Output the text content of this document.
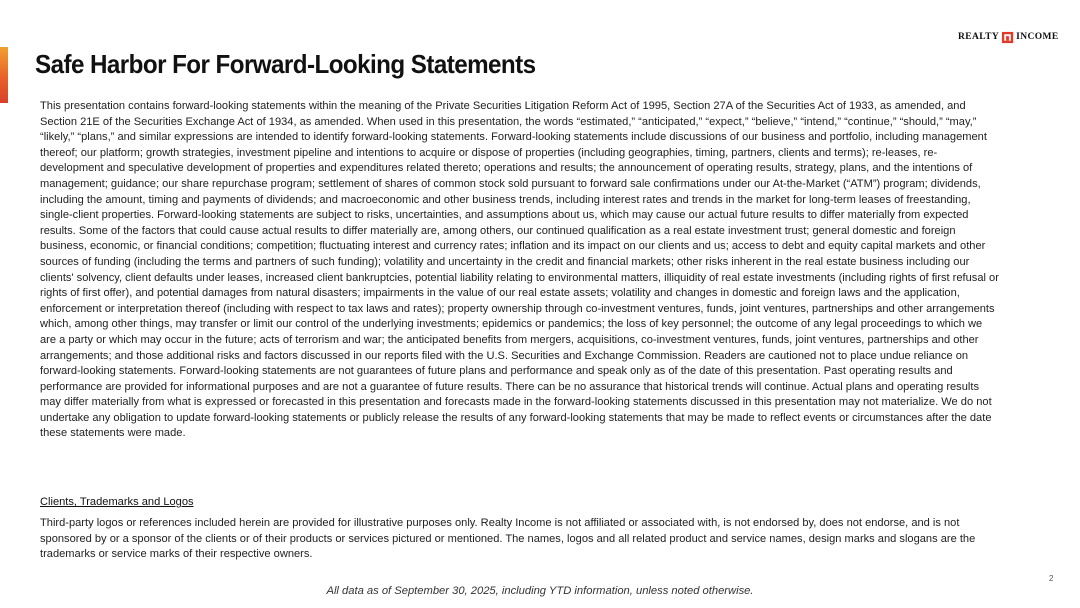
REALTY INCOME
Safe Harbor For Forward-Looking Statements

This presentation contains forward-looking statements within the meaning of the Private Securities Litigation Reform Act of 1995, Section 27A of the Securities Act of 1933, as amended, and Section 21E of the Securities Exchange Act of 1934, as amended. When used in this presentation, the words “estimated,” “anticipated,” “expect,” “believe,” “intend,” “continue,” “should,” “may,” “likely,” “plans,” and similar expressions are intended to identify forward-looking statements. Forward-looking statements include discussions of our business and portfolio, including management thereof; our platform; growth strategies, investment pipeline and intentions to acquire or dispose of properties (including geographies, timing, partners, clients and terms); re-leases, re-development and speculative development of properties and expenditures related thereto; operations and results; the announcement of operating results, strategy, plans, and the intentions of management; guidance; our share repurchase program; settlement of shares of common stock sold pursuant to forward sale confirmations under our At-the-Market (“ATM”) program; dividends, including the amount, timing and payments of dividends; and macroeconomic and other business trends, including interest rates and trends in the market for long-term leases of freestanding, single-client properties. Forward-looking statements are subject to risks, uncertainties, and assumptions about us, which may cause our actual future results to differ materially from expected results. Some of the factors that could cause actual results to differ materially are, among others, our continued qualification as a real estate investment trust; general domestic and foreign business, economic, or financial conditions; competition; fluctuating interest and currency rates; inflation and its impact on our clients and us; access to debt and equity capital markets and other sources of funding (including the terms and partners of such funding); volatility and uncertainty in the credit and financial markets; other risks inherent in the real estate business including our clients' solvency, client defaults under leases, increased client bankruptcies, potential liability relating to environmental matters, illiquidity of real estate investments (including rights of first refusal or rights of first offer), and potential damages from natural disasters; impairments in the value of our real estate assets; volatility and changes in domestic and foreign laws and the application, enforcement or interpretation thereof (including with respect to tax laws and rates); property ownership through co-investment ventures, funds, joint ventures, partnerships and other arrangements which, among other things, may transfer or limit our control of the underlying investments; epidemics or pandemics; the loss of key personnel; the outcome of any legal proceedings to which we are a party or which may occur in the future; acts of terrorism and war; the anticipated benefits from mergers, acquisitions, co-investment ventures, funds, joint ventures, partnerships and other arrangements; and those additional risks and factors discussed in our reports filed with the U.S. Securities and Exchange Commission. Readers are cautioned not to place undue reliance on forward-looking statements. Forward-looking statements are not guarantees of future plans and performance and speak only as of the date of this presentation. Past operating results and performance are provided for informational purposes and are not a guarantee of future results. There can be no assurance that historical trends will continue. Actual plans and operating results may differ materially from what is expressed or forecasted in this presentation and forecasts made in the forward-looking statements discussed in this presentation may not materialize. We do not undertake any obligation to update forward-looking statements or publicly release the results of any forward-looking statements that may be made to reflect events or circumstances after the date these statements were made.

Clients, Trademarks and Logos

Third-party logos or references included herein are provided for illustrative purposes only. Realty Income is not affiliated or associated with, is not endorsed by, does not endorse, and is not sponsored by or a sponsor of the clients or of their products or services pictured or mentioned. The names, logos and all related product and service names, design marks and slogans are the trademarks or service marks of their respective owners.

2
All data as of September 30, 2025, including YTD information, unless noted otherwise.
